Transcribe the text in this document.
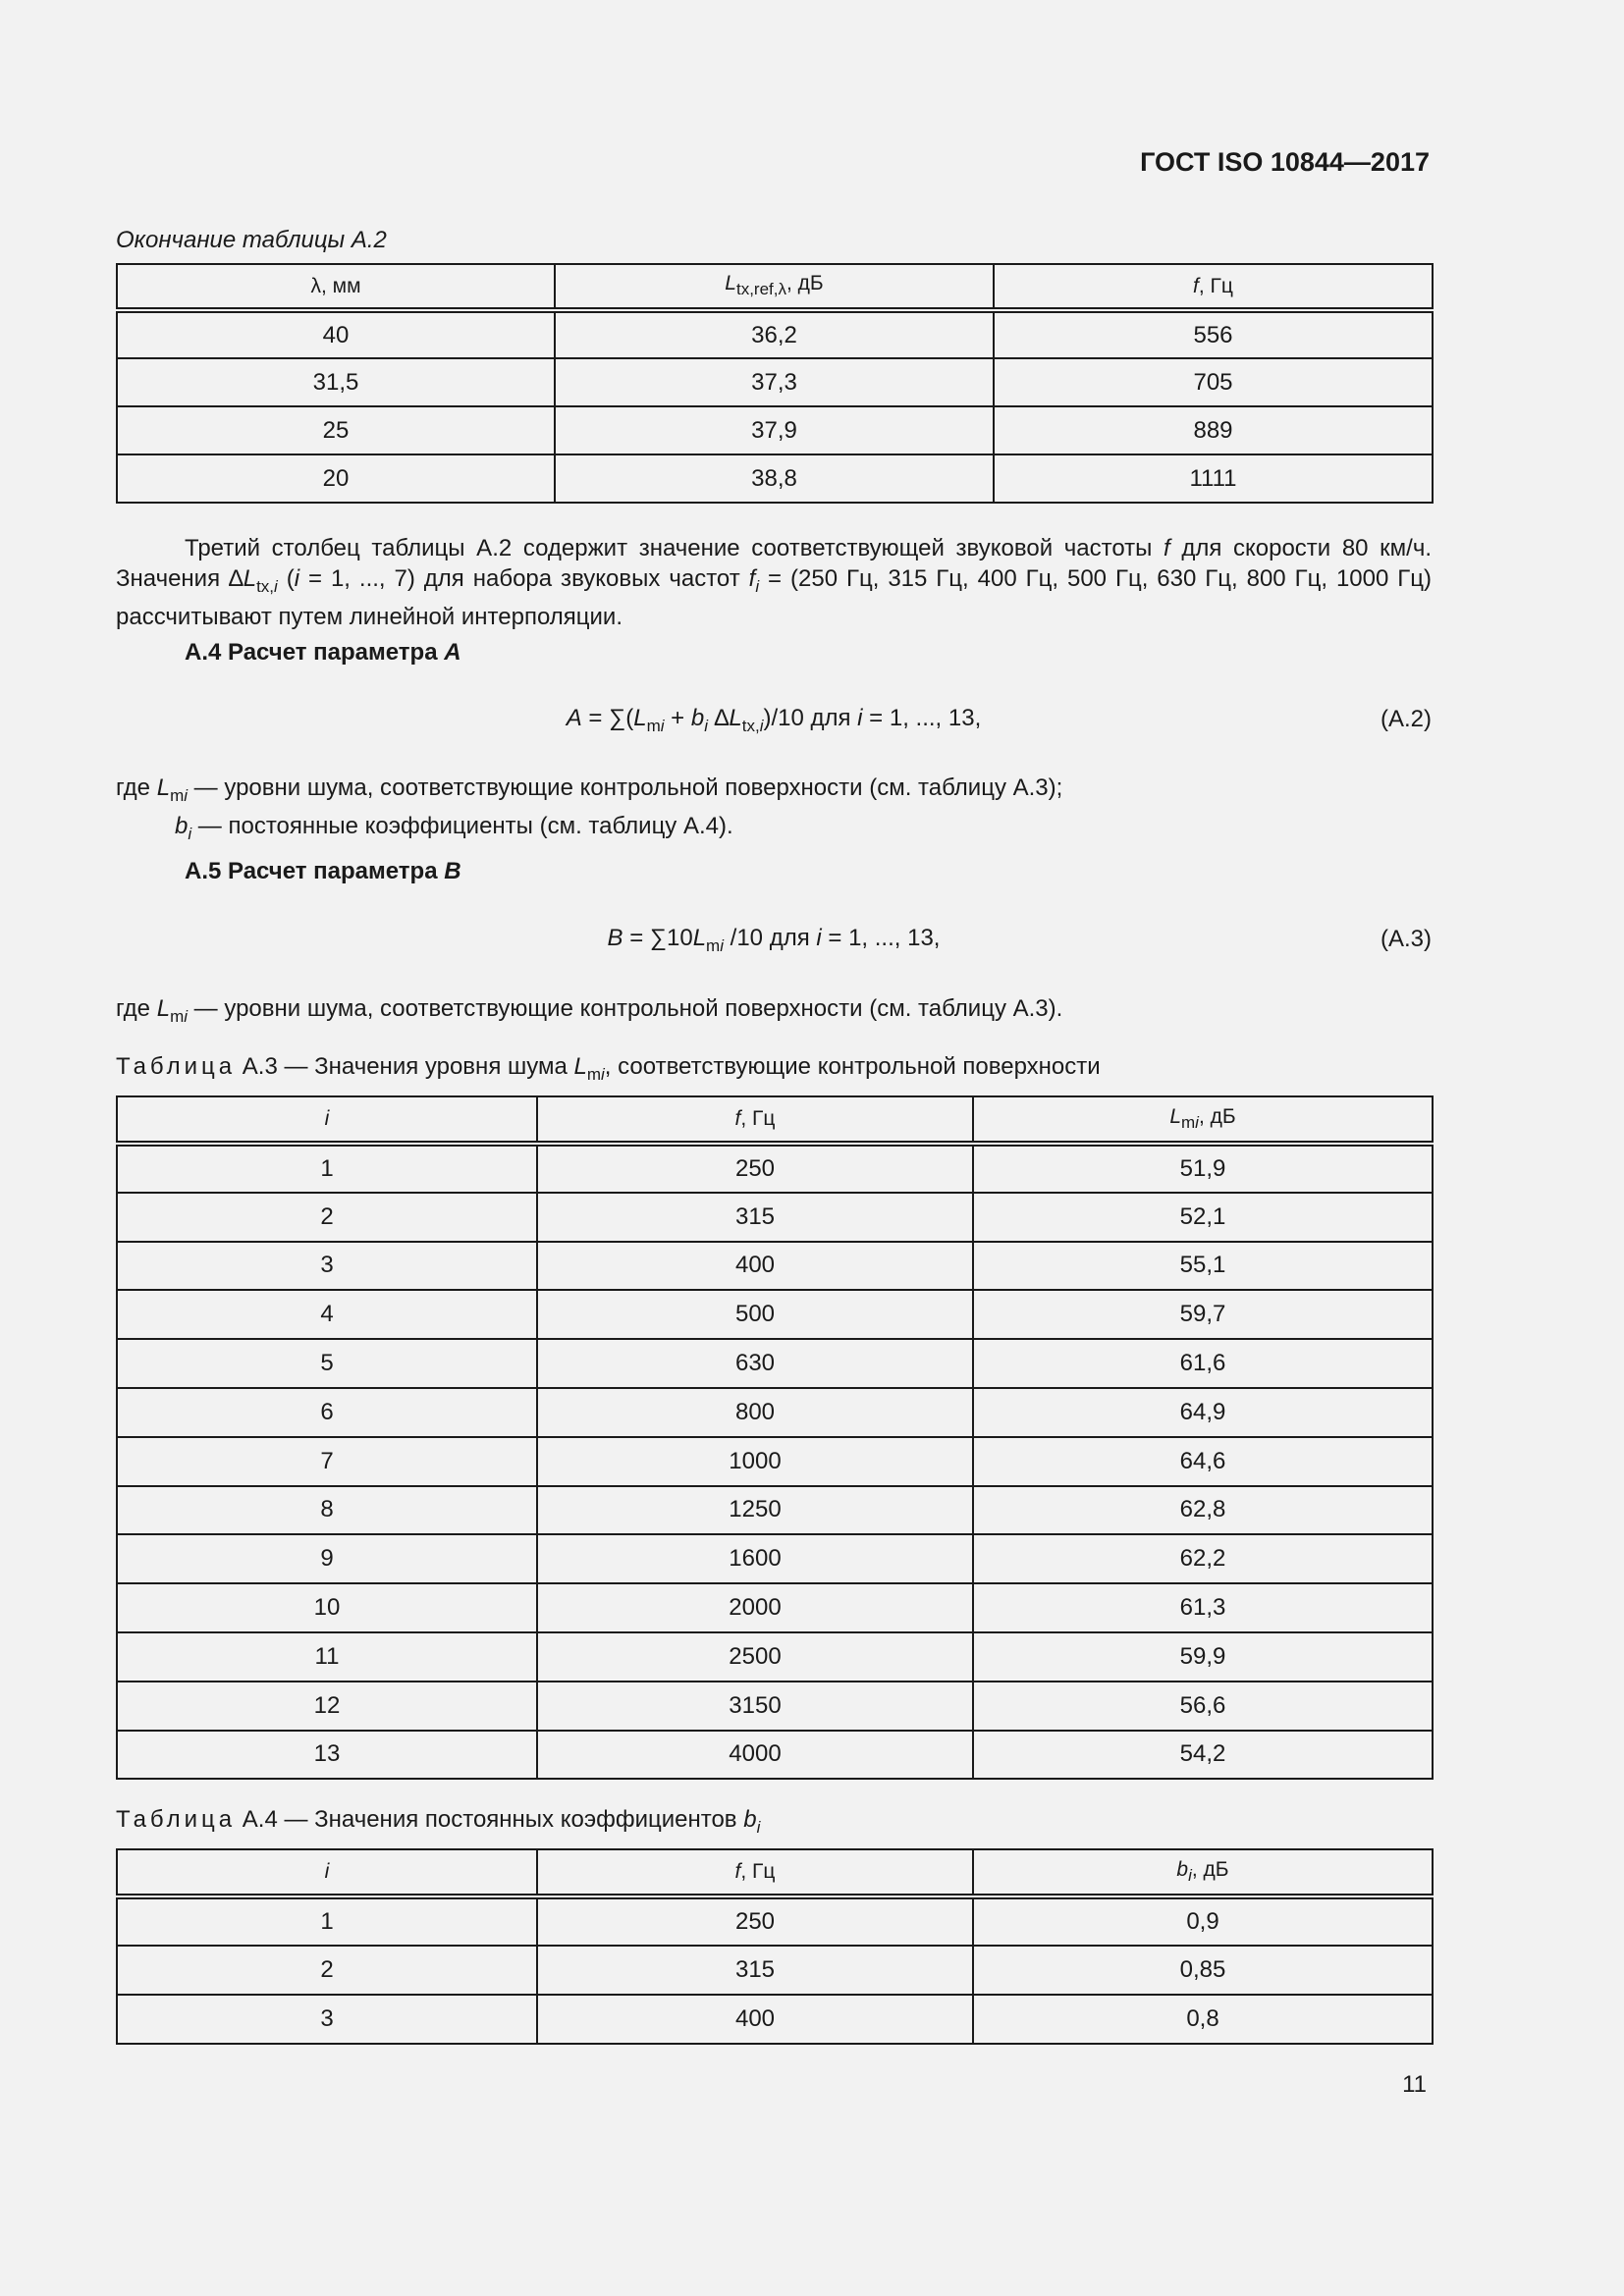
ГОСТ ISO 10844—2017
Окончание таблицы А.2
λ, мм	$L_{tx,ref,\lambda}$, дБ	f, Гц
40	36,2	556
31,5	37,3	705
25	37,9	889
20	38,8	1111
Третий столбец таблицы А.2 содержит значение соответствующей звуковой частоты f для скорости 80 км/ч. Значения $\Delta L_{tx,i}$ (i = 1, ..., 7) для набора звуковых частот $f_i = (250$ Гц, 315 Гц, 400 Гц, 500 Гц, 630 Гц, 800 Гц, 1000 Гц) рассчитывают путем линейной интерполяции.
А.4 Расчет параметра A
$A = \sum(L_{mi} + b_i$ $\Delta L_{tx,i})/10$ для i = 1, ..., 13,	(А.2)
где $L_{mi}$ — уровни шума, соответствующие контрольной поверхности (см. таблицу А.3);
$b_i$ — постоянные коэффициенты (см. таблицу А.4).
А.5 Расчет параметра B
$B = \sum 10L_{mi}$ /10 для i = 1, ..., 13,	(А.3)
где $L_{mi}$ — уровни шума, соответствующие контрольной поверхности (см. таблицу А.3).
Таблица А.3 — Значения уровня шума $L_{mi}$, соответствующие контрольной поверхности
i	f, Гц	$L_{mi}$, дБ
1	250	51,9
2	315	52,1
3	400	55,1
4	500	59,7
5	630	61,6
6	800	64,9
7	1000	64,6
8	1250	62,8
9	1600	62,2
10	2000	61,3
11	2500	59,9
12	3150	56,6
13	4000	54,2
Таблица А.4 — Значения постоянных коэффициентов $b_i$
i	f, Гц	$b_i$, дБ
1	250	0,9
2	315	0,85
3	400	0,8
11
